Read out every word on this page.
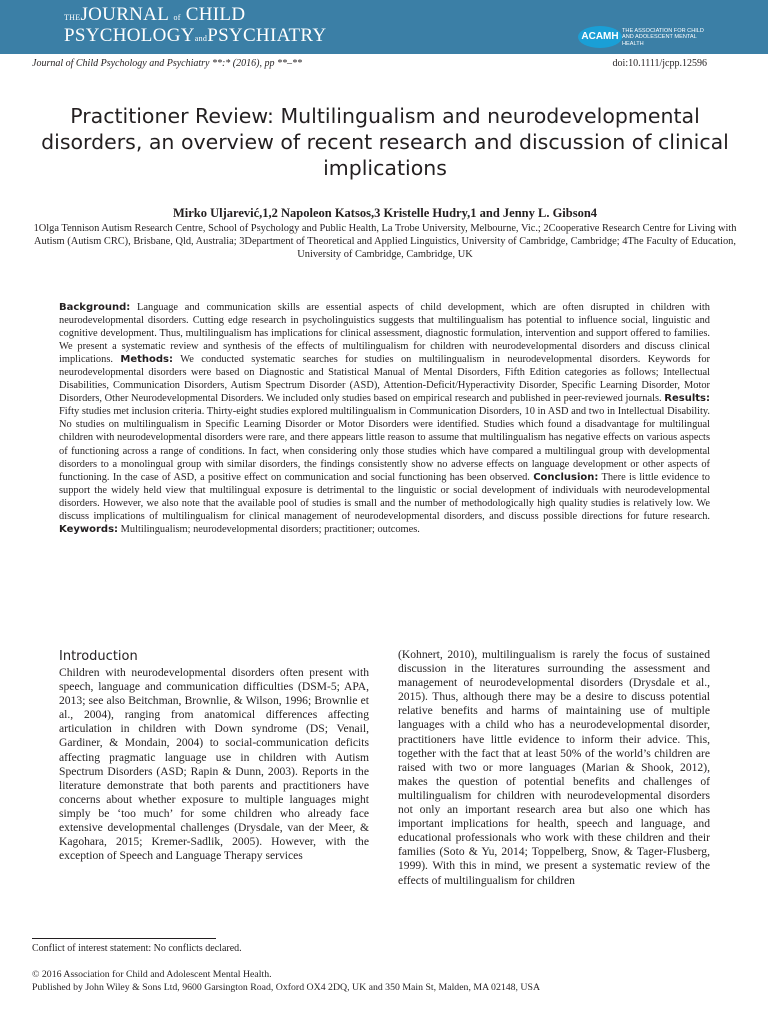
THEJOURNAL of CHILD
PSYCHOLOGYandPSYCHIATRY	ACAMH THE ASSOCIATION FOR CHILD AND ADOLESCENT MENTAL HEALTH
Journal of Child Psychology and Psychiatry **:* (2016), pp **–**	doi:10.1111/jcpp.12596
Practitioner Review: Multilingualism and neurodevelopmental disorders, an overview of recent research and discussion of clinical implications
Mirko Uljarević,1,2 Napoleon Katsos,3 Kristelle Hudry,1 and Jenny L. Gibson4
1Olga Tennison Autism Research Centre, School of Psychology and Public Health, La Trobe University, Melbourne, Vic.; 2Cooperative Research Centre for Living with Autism (Autism CRC), Brisbane, Qld, Australia; 3Department of Theoretical and Applied Linguistics, University of Cambridge, Cambridge; 4The Faculty of Education, University of Cambridge, Cambridge, UK
Background: Language and communication skills are essential aspects of child development, which are often disrupted in children with neurodevelopmental disorders. Cutting edge research in psycholinguistics suggests that multilingualism has potential to influence social, linguistic and cognitive development. Thus, multilingualism has implications for clinical assessment, diagnostic formulation, intervention and support offered to families. We present a systematic review and synthesis of the effects of multilingualism for children with neurodevelopmental disorders and discuss clinical implications. Methods: We conducted systematic searches for studies on multilingualism in neurodevelopmental disorders. Keywords for neurodevelopmental disorders were based on Diagnostic and Statistical Manual of Mental Disorders, Fifth Edition categories as follows; Intellectual Disabilities, Communication Disorders, Autism Spectrum Disorder (ASD), Attention-Deficit/Hyperactivity Disorder, Specific Learning Disorder, Motor Disorders, Other Neurodevelopmental Disorders. We included only studies based on empirical research and published in peer-reviewed journals. Results: Fifty studies met inclusion criteria. Thirty-eight studies explored multilingualism in Communication Disorders, 10 in ASD and two in Intellectual Disability. No studies on multilingualism in Specific Learning Disorder or Motor Disorders were identified. Studies which found a disadvantage for multilingual children with neurodevelopmental disorders were rare, and there appears little reason to assume that multilingualism has negative effects on various aspects of functioning across a range of conditions. In fact, when considering only those studies which have compared a multilingual group with developmental disorders to a monolingual group with similar disorders, the findings consistently show no adverse effects on language development or other aspects of functioning. In the case of ASD, a positive effect on communication and social functioning has been observed. Conclusion: There is little evidence to support the widely held view that multilingual exposure is detrimental to the linguistic or social development of individuals with neurodevelopmental disorders. However, we also note that the available pool of studies is small and the number of methodologically high quality studies is relatively low. We discuss implications of multilingualism for clinical management of neurodevelopmental disorders, and discuss possible directions for future research. Keywords: Multilingualism; neurodevelopmental disorders; practitioner; outcomes.
Introduction
Children with neurodevelopmental disorders often present with speech, language and communication difficulties (DSM-5; APA, 2013; see also Beitchman, Brownlie, & Wilson, 1996; Brownlie et al., 2004), ranging from anatomical differences affecting articulation in children with Down syndrome (DS; Venail, Gardiner, & Mondain, 2004) to social-communication deficits affecting pragmatic language use in children with Autism Spectrum Disorders (ASD; Rapin & Dunn, 2003). Reports in the literature demonstrate that both parents and practitioners have concerns about whether exposure to multiple languages might simply be ‘too much’ for some children who already face extensive developmental challenges (Drysdale, van der Meer, & Kagohara, 2015; Kremer-Sadlik, 2005). However, with the exception of Speech and Language Therapy services
(Kohnert, 2010), multilingualism is rarely the focus of sustained discussion in the literatures surrounding the assessment and management of neurodevelopmental disorders (Drysdale et al., 2015). Thus, although there may be a desire to discuss potential relative benefits and harms of maintaining use of multiple languages with a child who has a neurodevelopmental disorder, practitioners have little evidence to inform their advice. This, together with the fact that at least 50% of the world’s children are raised with two or more languages (Marian & Shook, 2012), makes the question of potential benefits and challenges of multilingualism for children with neurodevelopmental disorders not only an important research area but also one which has important implications for health, speech and language, and educational professionals who work with these children and their families (Soto & Yu, 2014; Toppelberg, Snow, & Tager-Flusberg, 1999). With this in mind, we present a systematic review of the effects of multilingualism for children
Conflict of interest statement: No conflicts declared.
© 2016 Association for Child and Adolescent Mental Health.
Published by John Wiley & Sons Ltd, 9600 Garsington Road, Oxford OX4 2DQ, UK and 350 Main St, Malden, MA 02148, USA
